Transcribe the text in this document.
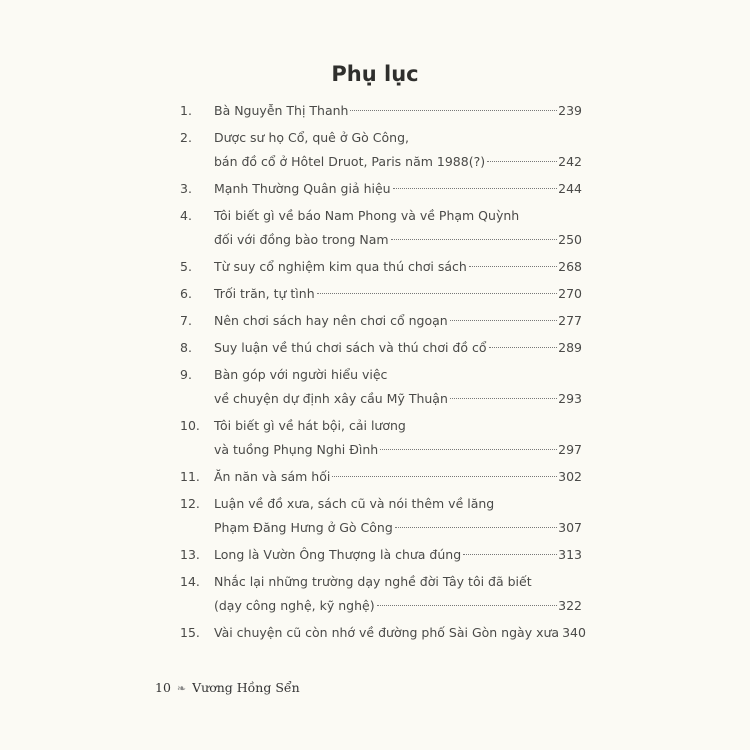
Phụ lục
1.	Bà Nguyễn Thị Thanh	239
2.	Dược sư họ Cổ, quê ở Gò Công,
bán đồ cổ ở Hôtel Druot, Paris năm 1988(?)	242
3.	Mạnh Thường Quân giả hiệu	244
4.	Tôi biết gì về báo Nam Phong và về Phạm Quỳnh
đối với đồng bào trong Nam	250
5.	Từ suy cổ nghiệm kim qua thú chơi sách	268
6.	Trối trăn, tự tình	270
7.	Nên chơi sách hay nên chơi cổ ngoạn	277
8.	Suy luận về thú chơi sách và thú chơi đồ cổ	289
9.	Bàn góp với người hiểu việc
về chuyện dự định xây cầu Mỹ Thuận	293
10.	Tôi biết gì về hát bội, cải lương
và tuồng Phụng Nghi Đình	297
11.	Ăn năn và sám hối	302
12.	Luận về đồ xưa, sách cũ và nói thêm về lăng
Phạm Đăng Hưng ở Gò Công	307
13.	Long là Vườn Ông Thượng là chưa đúng	313
14.	Nhắc lại những trường dạy nghề đời Tây tôi đã biết
(dạy công nghệ, kỹ nghệ)	322
15.	Vài chuyện cũ còn nhớ về đường phố Sài Gòn ngày xưa 340
10 ❧ Vương Hồng Sển
